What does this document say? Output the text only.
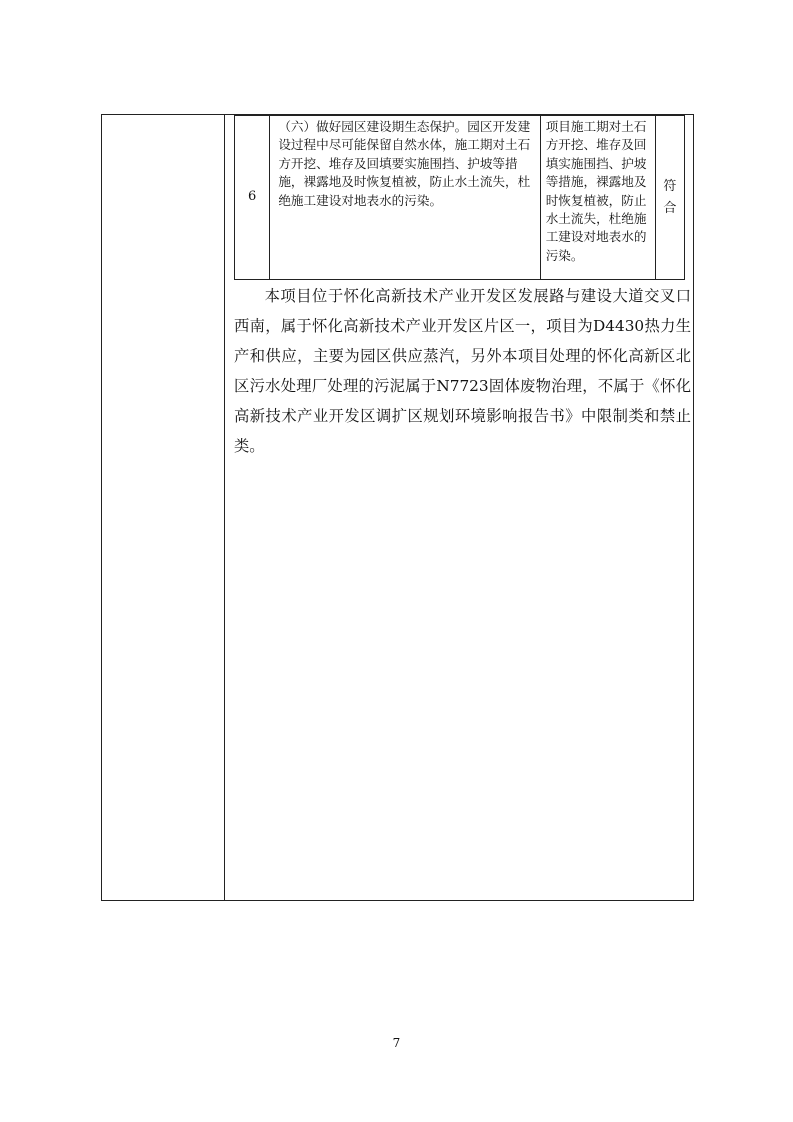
6	（六）做好园区建设期生态保护。园区开发建设过程中尽可能保留自然水体，施工期对土石方开挖、堆存及回填要实施围挡、护坡等措施，裸露地及时恢复植被，防止水土流失，杜绝施工建设对地表水的污染。	项目施工期对土石方开挖、堆存及回填实施围挡、护坡等措施，裸露地及时恢复植被，防止水土流失，杜绝施工建设对地表水的污染。	符合

本项目位于怀化高新技术产业开发区发展路与建设大道交叉口西南，属于怀化高新技术产业开发区片区一，项目为D4430热力生产和供应，主要为园区供应蒸汽，另外本项目处理的怀化高新区北区污水处理厂处理的污泥属于N7723固体废物治理，不属于《怀化高新技术产业开发区调扩区规划环境影响报告书》中限制类和禁止类。

7
